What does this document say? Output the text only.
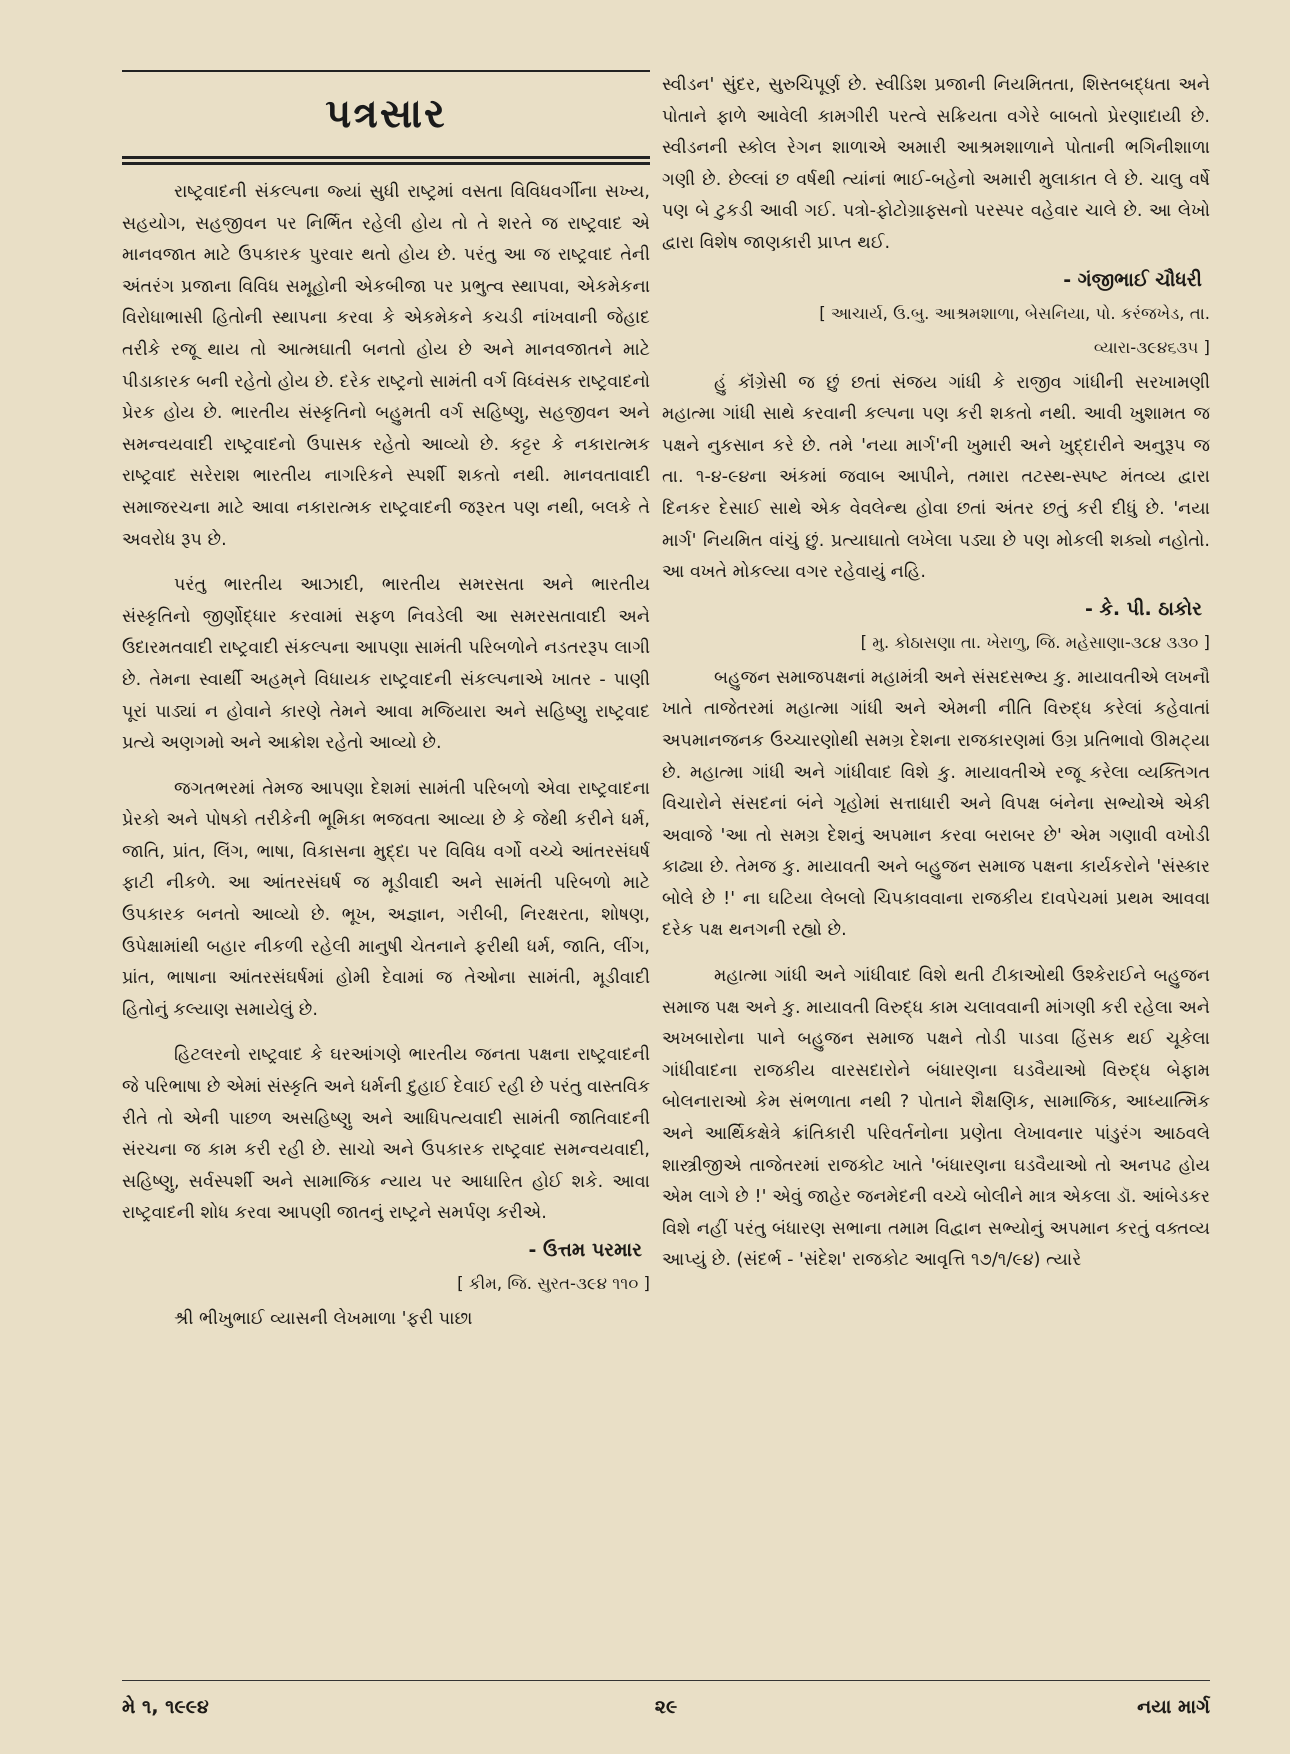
પત્રસાર

રાષ્ટ્રવાદની સંકલ્પના જ્યાં સુધી રાષ્ટ્રમાં વસતા વિવિધવર્ગીના સખ્ય, સહયોગ, સહજીવન પર નિર્ભિત રહેલી હોય તો તે શરતે જ રાષ્ટ્રવાદ એ માનવજાત માટે ઉપકારક પુરવાર થતો હોય છે. પરંતુ આ જ રાષ્ટ્રવાદ તેની અંતરંગ પ્રજાના વિવિધ સમૂહોની એકબીજા પર પ્રભુત્વ સ્થાપવા, એકમેકના વિરોધાભાસી હિતોની સ્થાપના કરવા કે એકમેકને કચડી નાંખવાની જેહાદ તરીકે રજૂ થાય તો આત્મઘાતી બનતો હોય છે અને માનવજાતને માટે પીડાકારક બની રહેતો હોય છે. દરેક રાષ્ટ્રનો સામંતી વર્ગ વિધ્વંસક રાષ્ટ્રવાદનો પ્રેરક હોય છે. ભારતીય સંસ્કૃતિનો બહુમતી વર્ગ સહિષ્ણુ, સહજીવન અને સમન્વયવાદી રાષ્ટ્રવાદનો ઉપાસક રહેતો આવ્યો છે. કટ્ટર કે નકારાત્મક રાષ્ટ્રવાદ સરેરાશ ભારતીય નાગરિકને સ્પર્શી શકતો નથી. માનવતાવાદી સમાજરચના માટે આવા નકારાત્મક રાષ્ટ્રવાદની જરૂરત પણ નથી, બલકે તે અવરોધ રૂપ છે.

પરંતુ ભારતીય આઝાદી, ભારતીય સમરસતા અને ભારતીય સંસ્કૃતિનો જીર્ણોદ્ધાર કરવામાં સફળ નિવડેલી આ સમરસતાવાદી અને ઉદારમતવાદી રાષ્ટ્રવાદી સંકલ્પના આપણા સામંતી પરિબળોને નડતરરૂપ લાગી છે. તેમના સ્વાર્થી અહમ્‌ને વિધાયક રાષ્ટ્રવાદની સંકલ્પનાએ ખાતર - પાણી પૂરાં પાડ્યાં ન હોવાને કારણે તેમને આવા મજિયારા અને સહિષ્ણુ રાષ્ટ્રવાદ પ્રત્યે અણગમો અને આક્રોશ રહેતો આવ્યો છે.

જગતભરમાં તેમજ આપણા દેશમાં સામંતી પરિબળો એવા રાષ્ટ્રવાદના પ્રેરકો અને પોષકો તરીકેની ભૂમિકા ભજવતા આવ્યા છે કે જેથી કરીને ધર્મ, જાતિ, પ્રાંત, લિંગ, ભાષા, વિકાસના મુદ્દા પર વિવિધ વર્ગો વચ્ચે આંતરસંઘર્ષ ફાટી નીકળે. આ આંતરસંઘર્ષ જ મૂડીવાદી અને સામંતી પરિબળો માટે ઉપકારક બનતો આવ્યો છે. ભૂખ, અજ્ઞાન, ગરીબી, નિરક્ષરતા, શોષણ, ઉપેક્ષામાંથી બહાર નીકળી રહેલી માનુષી ચેતનાને ફરીથી ધર્મ, જાતિ, લીંગ, પ્રાંત, ભાષાના આંતરસંઘર્ષમાં હોમી દેવામાં જ તેઓના સામંતી, મૂડીવાદી હિતોનું કલ્યાણ સમાયેલું છે.

હિટલરનો રાષ્ટ્રવાદ કે ઘરઆંગણે ભારતીય જનતા પક્ષના રાષ્ટ્રવાદની જે પરિભાષા છે એમાં સંસ્કૃતિ અને ધર્મની દુહાઈ દેવાઈ રહી છે પરંતુ વાસ્તવિક રીતે તો એની પાછળ અસહિષ્ણુ અને આધિપત્યવાદી સામંતી જાતિવાદની સંરચના જ કામ કરી રહી છે. સાચો અને ઉપકારક રાષ્ટ્રવાદ સમન્વયવાદી, સહિષ્ણુ, સર્વસ્પર્શી અને સામાજિક ન્યાય પર આધારિત હોઈ શકે. આવા રાષ્ટ્રવાદની શોધ કરવા આપણી જાતનું રાષ્ટ્રને સમર્પણ કરીએ.

- ઉત્તમ પરમાર
[ કીમ, જિ. સુરત-૩૯૪ ૧૧૦ ]

શ્રી ભીખુભાઈ વ્યાસની લેખમાળા 'ફરી પાછા

સ્વીડન' સુંદર, સુરુચિપૂર્ણ છે. સ્વીડિશ પ્રજાની નિયમિતતા, શિસ્તબદ્ધતા અને પોતાને ફાળે આવેલી કામગીરી પરત્વે સક્રિયતા વગેરે બાબતો પ્રેરણાદાયી છે. સ્વીડનની સ્કોલ રેગન શાળાએ અમારી આશ્રમશાળાને પોતાની ભગિનીશાળા ગણી છે. છેલ્લાં છ વર્ષથી ત્યાંનાં ભાઈ-બહેનો અમારી મુલાકાત લે છે. ચાલુ વર્ષે પણ બે ટુકડી આવી ગઈ. પત્રો-ફોટોગ્રાફ્સનો પરસ્પર વહેવાર ચાલે છે. આ લેખો દ્વારા વિશેષ જાણકારી પ્રાપ્ત થઈ.

- ગંજીભાઈ ચૌધરી
[ આચાર્ય, ઉ.બુ. આશ્રમશાળા, બેસનિયા, પો. કરંજખેડ, તા.
વ્યારા-૩૯૪૬૩૫ ]

હું કૉંગ્રેસી જ છું છતાં સંજય ગાંધી કે રાજીવ ગાંધીની સરખામણી મહાત્મા ગાંધી સાથે કરવાની કલ્પના પણ કરી શકતો નથી. આવી ખુશામત જ પક્ષને નુકસાન કરે છે. તમે 'નયા માર્ગ'ની ખુમારી અને ખુદ્દારીને અનુરૂપ જ તા. ૧-૪-૯૪ના અંકમાં જવાબ આપીને, તમારા તટસ્થ-સ્પષ્ટ મંતવ્ય દ્વારા દિનકર દેસાઈ સાથે એક વેવલેન્થ હોવા છતાં અંતર છતું કરી દીધું છે. 'નયા માર્ગ' નિયમિત વાંચું છું. પ્રત્યાઘાતો લખેલા પડ્યા છે પણ મોકલી શક્યો નહોતો. આ વખતે મોકલ્યા વગર રહેવાયું નહિ.

- કે. પી. ઠાકોર
[ મુ. કોઠાસણા તા. ખેરાળુ, જિ. મહેસાણા-૩૮૪ ૩૩૦ ]

બહુજન સમાજપક્ષનાં મહામંત્રી અને સંસદસભ્ય કુ. માયાવતીએ લખનૌ ખાતે તાજેતરમાં મહાત્મા ગાંધી અને એમની નીતિ વિરુદ્ધ કરેલાં કહેવાતાં અપમાનજનક ઉચ્ચારણોથી સમગ્ર દેશના રાજકારણમાં ઉગ્ર પ્રતિભાવો ઊમટ્યા છે. મહાત્મા ગાંધી અને ગાંધીવાદ વિશે કુ. માયાવતીએ રજૂ કરેલા વ્યક્તિગત વિચારોને સંસદનાં બંને ગૃહોમાં સત્તાધારી અને વિપક્ષ બંનેના સભ્યોએ એકી અવાજે 'આ તો સમગ્ર દેશનું અપમાન કરવા બરાબર છે' એમ ગણાવી વખોડી કાઢ્યા છે. તેમજ કુ. માયાવતી અને બહુજન સમાજ પક્ષના કાર્યકરોને 'સંસ્કાર બોલે છે !' ના ઘટિયા લેબલો ચિપકાવવાના રાજકીય દાવપેચમાં પ્રથમ આવવા દરેક પક્ષ થનગની રહ્યો છે.

મહાત્મા ગાંધી અને ગાંધીવાદ વિશે થતી ટીકાઓથી ઉશ્કેરાઈને બહુજન સમાજ પક્ષ અને કુ. માયાવતી વિરુદ્ધ કામ ચલાવવાની માંગણી કરી રહેલા અને અખબારોના પાને બહુજન સમાજ પક્ષને તોડી પાડવા હિંસક થઈ ચૂકેલા ગાંધીવાદના રાજકીય વારસદારોને બંધારણના ઘડવૈયાઓ વિરુદ્ધ બેફામ બોલનારાઓ કેમ સંભળાતા નથી ? પોતાને શૈક્ષણિક, સામાજિક, આધ્યાત્મિક અને આર્થિકક્ષેત્રે ક્રાંતિકારી પરિવર્તનોના પ્રણેતા લેખાવનાર પાંડુરંગ આઠવલે શાસ્ત્રીજીએ તાજેતરમાં રાજકોટ ખાતે 'બંધારણના ઘડવૈયાઓ તો અનપઢ હોય એમ લાગે છે !' એવું જાહેર જનમેદની વચ્ચે બોલીને માત્ર એકલા ડૉ. આંબેડકર વિશે નહીં પરંતુ બંધારણ સભાના તમામ વિદ્વાન સભ્યોનું અપમાન કરતું વક્તવ્ય આપ્યું છે. (સંદર્ભ - 'સંદેશ' રાજકોટ આવૃત્તિ ૧૭/૧/૯૪) ત્યારે

મે ૧, ૧૯૯૪	૨૯	નયા માર્ગ
